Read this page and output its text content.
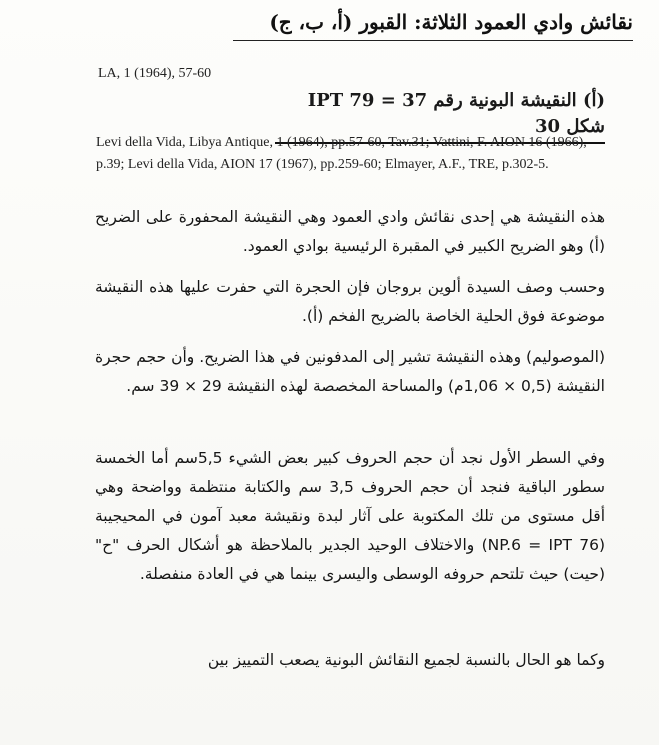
نقائش وادي العمود الثلاثة: القبور (أ، ب، ج)
LA, 1 (1964), 57-60
(أ) النقيشة البونية رقم 37 = IPT 79 شكل 30
Levi della Vida, Libya Antique, 1 (1964), pp.57-60, Tav.31; Vattini, F. AION 16 (1966), p.39; Levi della Vida, AION 17 (1967), pp.259-60; Elmayer, A.F., TRE, p.302-5.
هذه النقيشة هي إحدى نقائش وادي العمود وهي النقيشة المحفورة على الضريح (أ) وهو الضريح الكبير في المقبرة الرئيسية بوادي العمود.
وحسب وصف السيدة ألوين بروجان فإن الحجرة التي حفرت عليها هذه النقيشة موضوعة فوق الحلية الخاصة بالضريح الفخم (أ).
(الموصوليم) وهذه النقيشة تشير إلى المدفونين في هذا الضريح. وأن حجم حجرة النقيشة (0,5 × 1,06م) والمساحة المخصصة لهذه النقيشة 29 × 39 سم.
وفي السطر الأول نجد أن حجم الحروف كبير بعض الشيء 5,5سم أما الخمسة سطور الباقية فنجد أن حجم الحروف 3,5 سم والكتابة منتظمة وواضحة وهي أقل مستوى من تلك المكتوبة على آثار لبدة ونقيشة معبد آمون في المحيجيبة (NP.6 = IPT 76) والاختلاف الوحيد الجدير بالملاحظة هو أشكال الحرف "ح" (حيت) حيث تلتحم حروفه الوسطى واليسرى بينما هي في العادة منفصلة.
وكما هو الحال بالنسبة لجميع النقائش البونية يصعب التمييز بين
